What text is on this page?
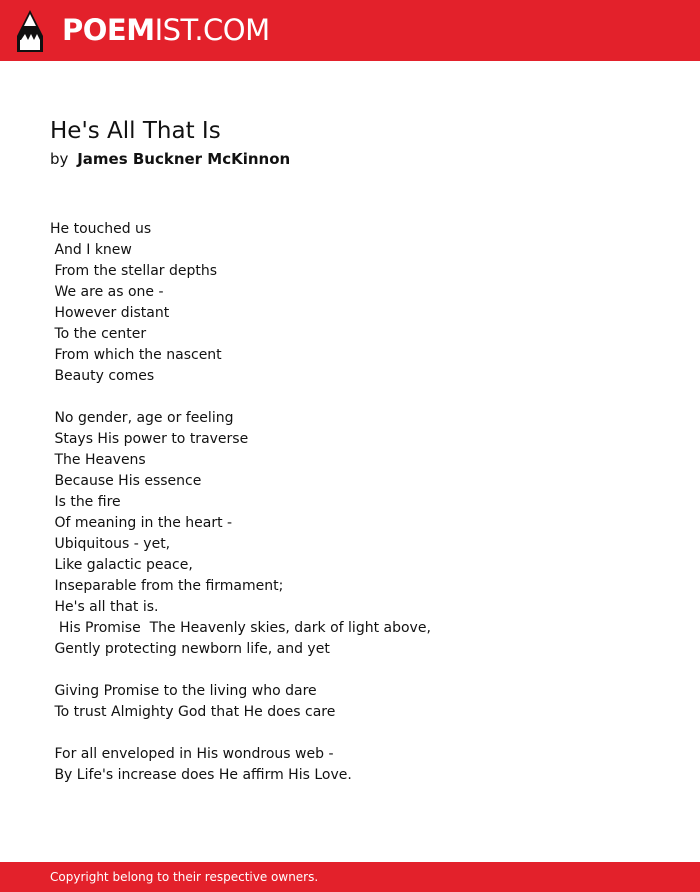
POEMIST.COM
He's All That Is
by James Buckner McKinnon
He touched us
And I knew
From the stellar depths
We are as one -
However distant
To the center
From which the nascent
Beauty comes
No gender, age or feeling
Stays His power to traverse
The Heavens
Because His essence
Is the fire
Of meaning in the heart -
Ubiquitous - yet,
Like galactic peace,
Inseparable from the firmament;
He's all that is.
His Promise  The Heavenly skies, dark of light above,
Gently protecting newborn life, and yet
Giving Promise to the living who dare
To trust Almighty God that He does care
For all enveloped in His wondrous web -
By Life's increase does He affirm His Love.
Copyright belong to their respective owners.
